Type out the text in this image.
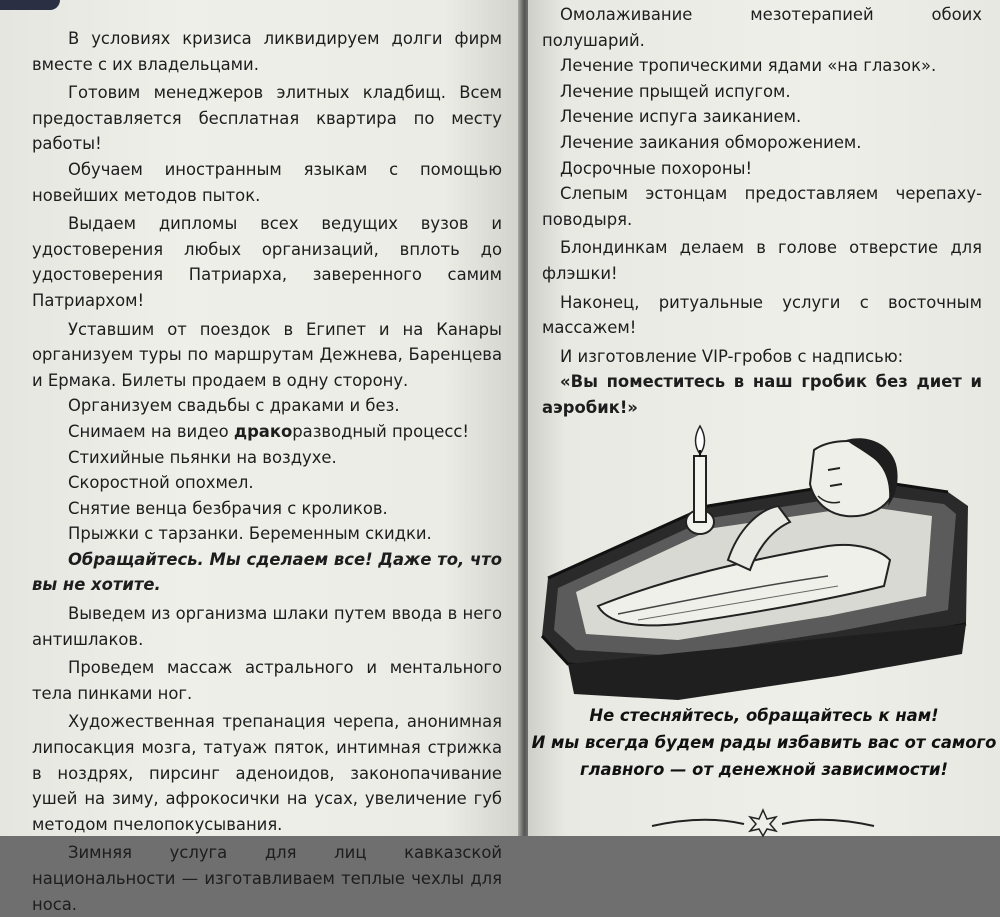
В условиях кризиса ликвидируем долги фирм вместе с их владельцами.

Готовим менеджеров элитных кладбищ. Всем предоставляется бесплатная квартира по месту работы!

Обучаем иностранным языкам с помощью новейших методов пыток.

Выдаем дипломы всех ведущих вузов и удостоверения любых организаций, вплоть до удостоверения Патриарха, заверенного самим Патриархом!

Уставшим от поездок в Египет и на Канары организуем туры по маршрутам Дежнева, Баренцева и Ермака. Билеты продаем в одну сторону.

Организуем свадьбы с драками и без.

Снимаем на видео дракоразводный процесс!

Стихийные пьянки на воздухе.

Скоростной опохмел.

Снятие венца безбрачия с кроликов.

Прыжки с тарзанки. Беременным скидки.

Обращайтесь. Мы сделаем все! Даже то, что вы не хотите.

Выведем из организма шлаки путем ввода в него антишлаков.

Проведем массаж астрального и ментального тела пинками ног.

Художественная трепанация черепа, анонимная липосакция мозга, татуаж пяток, интимная стрижка в ноздрях, пирсинг аденоидов, законопачивание ушей на зиму, афрокосички на усах, увеличение губ методом пчелопокусывания.

Зимняя услуга для лиц кавказской национальности — изготавливаем теплые чехлы для носа.

Омолаживание мезотерапией обоих полушарий.

Лечение тропическими ядами «на глазок».

Лечение прыщей испугом.

Лечение испуга заиканием.

Лечение заикания обморожением.

Досрочные похороны!

Слепым эстонцам предоставляем черепаху-поводыря.

Блондинкам делаем в голове отверстие для флэшки!

Наконец, ритуальные услуги с восточным массажем!

И изготовление VIP-гробов с надписью:

«Вы поместитесь в наш гробик без диет и аэробик!»

Не стесняйтесь, обращайтесь к нам!
И мы всегда будем рады избавить вас от самого главного — от денежной зависимости!
